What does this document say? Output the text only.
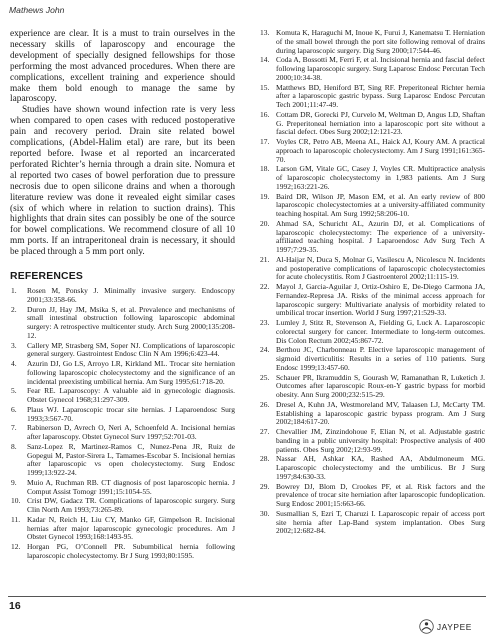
Mathews John

experience are clear. It is a must to train ourselves in the necessary skills of laparoscopy and encourage the development of specially designed fellowships for those performing the most advanced procedures. When there are complications, excellent training and experience should make them bold enough to manage the same by laparoscopy.

Studies have shown wound infection rate is very less when compared to open cases with reduced postoperative pain and recovery period. Drain site related bowel complications, (Abdel-Halim etal) are rare, but its been reported before. Iwase et al reported an incarcerated perforated Richter’s hernia through a drain site. Nomura et al reported two cases of bowel perforation due to pressure necrosis due to open silicone drains and when a thorough literature review was done it revealed eight similar cases (six of which where in relation to suction drains). This highlights that drain sites can possibly be one of the source for bowel complications. We recommend closure of all 10 mm ports. If an intraperitoneal drain is necessary, it should be placed through a 5 mm port only.

REFERENCES
1.	Rosen M, Ponsky J. Minimally invasive surgery. Endoscopy 2001;33:358-66.
2.	Duron JJ, Hay JM, Msika S, et al. Prevalence and mechanisms of small intestinal obstruction following laparoscopic abdominal surgery: A retrospective multicenter study. Arch Surg 2000;135:208-12.
3.	Callery MP, Strasberg SM, Soper NJ. Complications of laparoscopic general surgery. Gastrointest Endosc Clin N Am 1996;6:423-44.
4.	Azurin DJ, Go LS, Arroyo LR, Kirkland ML. Trocar site herniation following laparoscopic cholecystectomy and the significance of an incidental preexisting umbilical hernia. Am Surg 1995;61:718-20.
5.	Fear RE. Laparoscopy: A valuable aid in gynecologic diagnosis. Obstet Gynecol 1968;31:297-309.
6.	Plaus WJ. Laparoscopic trocar site hernias. J Laparoendosc Surg 1993;3:567-70.
7.	Rabinerson D, Avrech O, Neri A, Schoenfeld A. Incisional hernias after laparoscopy. Obstet Gynecol Surv 1997;52:701-03.
8.	Sanz-Lopez R, Martinez-Ramos C, Nunez-Pena JR, Ruiz de Gopegui M, Pastor-Sirera L, Tamames-Escobar S. Incisional hernias after laparoscopic vs open cholecystectomy. Surg Endosc 1999;13:922-24.
9.	Muio A, Ruchman RB. CT diagnosis of post laparoscopic hernia. J Comput Assist Tomogr 1991;15:1054-55.
10. Crist DW, Gadacz TR. Complications of laparoscopic surgery. Surg Clin North Am 1993;73:265-89.
11. Kadar N, Reich H, Liu CY, Manko GF, Gimpelson R. Incisional hernias after major laparoscopic gynecologic procedures. Am J Obstet Gynecol 1993;168:1493-95.
12. Horgan PG, O’Connell PR. Subumbilical hernia following laparoscopic cholecystectomy. Br J Surg 1993;80:1595.
13. Komuta K, Haraguchi M, Inoue K, Furui J, Kanematsu T. Herniation of the small bowel through the port site following removal of drains during laparoscopic surgery. Dig Surg 2000;17:544-46.
14. Coda A, Bossotti M, Ferri F, et al. Incisional hernia and fascial defect following laparoscopic surgery. Surg Laparosc Endosc Percutan Tech 2000;10:34-38.
15. Matthews BD, Heniford BT, Sing RF. Preperitoneal Richter hernia after a laparoscopic gastric bypass. Surg Laparosc Endosc Percutan Tech 2001;11:47-49.
16. Cottam DR, Gorecki PJ, Curvelo M, Weltman D, Angus LD, Shaftan G. Preperitoneal herniation into a laparoscopic port site without a fascial defect. Obes Surg 2002;12:121-23.
17. Voyles CR, Petro AB, Meena AL, Haick AJ, Koury AM. A practical approach to laparoscopic cholecystectomy. Am J Surg 1991;161:365-70.
18. Larson GM, Vitale GC, Casey J, Voyles CR. Multipractice analysis of laparoscopic cholecystectomy in 1,983 patients. Am J Surg 1992;163:221-26.
19. Baird DR, Wilson JP, Mason EM, et al. An early review of 800 laparoscopic cholecystectomies at a university-affiliated community teaching hospital. Am Surg 1992;58:206-10.
20. Ahmad SA, Schuricht AL, Azurin DJ, et al. Complications of laparoscopic cholecystectomy: The experience of a university-affiliated teaching hospital. J Laparoendosc Adv Surg Tech A 1997;7:29-35.
21. Al-Haijar N, Duca S, Molnar G, Vasilescu A, Nicolescu N. Incidents and postoperative complications of laparoscopic cholecystectomies for acute cholecystitis. Rom J Gastroenterol 2002;11:115-19.
22. Mayol J, Garcia-Aguilar J, Ortiz-Oshiro E, De-Diego Carmona JA, Fernandez-Represa JA. Risks of the minimal access approach for laparoscopic surgery: Multivariate analysis of morbidity related to umbilical trocar insertion. World J Surg 1997;21:529-33.
23. Lumley J, Stitz R, Stevenson A, Fielding G, Luck A. Laparoscopic colorectal surgery for cancer. Intermediate to long-term outcomes. Dis Colon Rectum 2002;45:867-72.
24. Berthou JC, Charbonneau P. Elective laparoscopic management of sigmoid diverticulitis: Results in a series of 110 patients. Surg Endosc 1999;13:457-60.
25. Schauer PR, Ikramuddin S, Gourash W, Ramanathan R, Luketich J. Outcomes after laparoscopic Roux-en-Y gastric bypass for morbid obesity. Ann Surg 2000;232:515-29.
26. Dresel A, Kuhn JA, Westmoreland MV, Talaasen LJ, McCarty TM. Establishing a laparoscopic gastric bypass program. Am J Surg 2002;184:617-20.
27. Chevallier JM, Zinzindohoue F, Elian N, et al. Adjustable gastric banding in a public university hospital: Prospective analysis of 400 patients. Obes Surg 2002;12:93-99.
28. Nassar AH, Ashkar KA, Rashed AA, Abdulmoneum MG. Laparoscopic cholecystectomy and the umbilicus. Br J Surg 1997;84:630-33.
29. Bowrey DJ, Blom D, Crookes PF, et al. Risk factors and the prevalence of trocar site herniation after laparoscopic fundoplication. Surg Endosc 2001;15:663-66.
30. Susmallian S, Ezri T, Charuzi I. Laparoscopic repair of access port site hernia after Lap-Band system implantation. Obes Surg 2002;12:682-84.
16
JAYPEE
